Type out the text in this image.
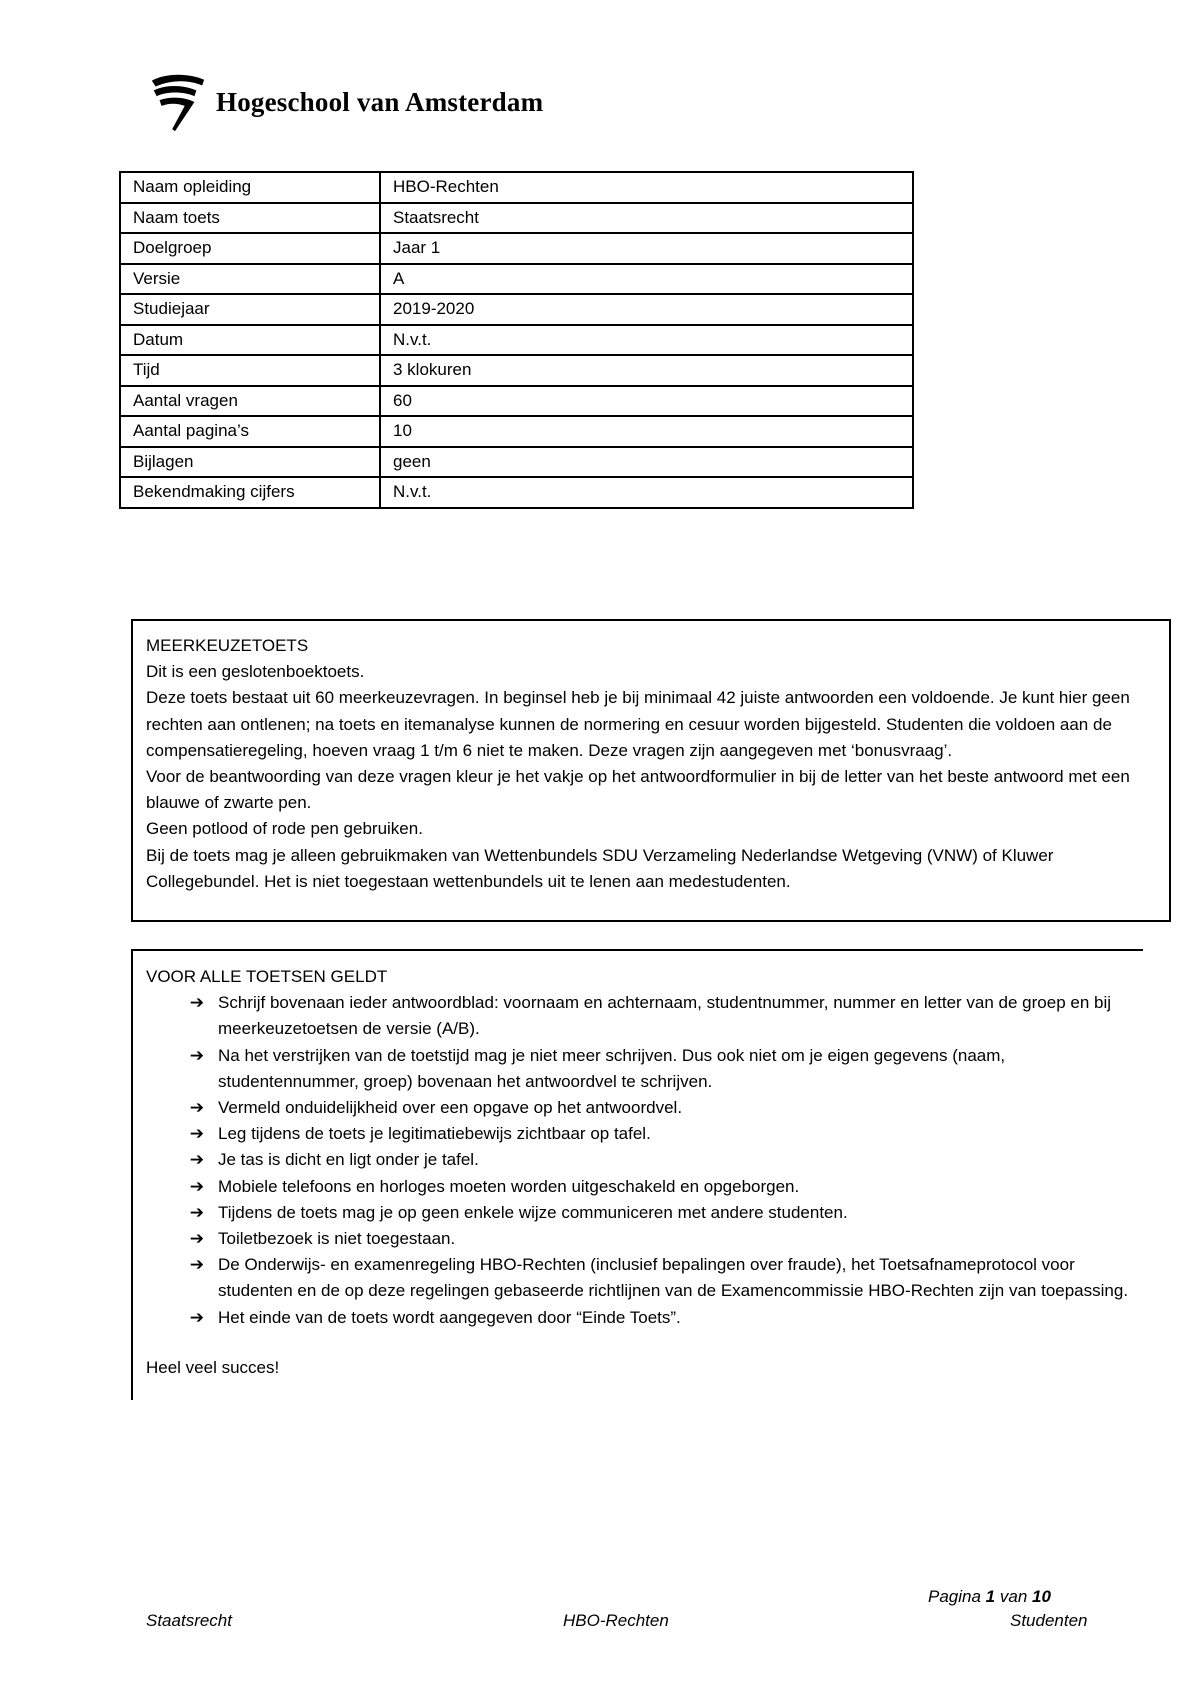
Hogeschool van Amsterdam
Naam opleiding	HBO-Rechten
Naam toets	Staatsrecht
Doelgroep	Jaar 1
Versie	A
Studiejaar	2019-2020
Datum	N.v.t.
Tijd	3 klokuren
Aantal vragen	60
Aantal pagina’s	10
Bijlagen	geen
Bekendmaking cijfers	N.v.t.

MEERKEUZETOETS

Dit is een geslotenboektoets.

Deze toets bestaat uit 60 meerkeuzevragen. In beginsel heb je bij minimaal 42 juiste antwoorden een voldoende. Je kunt hier geen rechten aan ontlenen; na toets en itemanalyse kunnen de normering en cesuur worden bijgesteld. Studenten die voldoen aan de compensatieregeling, hoeven vraag 1 t/m 6 niet te maken. Deze vragen zijn aangegeven met ‘bonusvraag’.

Voor de beantwoording van deze vragen kleur je het vakje op het antwoordformulier in bij de letter van het beste antwoord met een blauwe of zwarte pen.

Geen potlood of rode pen gebruiken.

Bij de toets mag je alleen gebruikmaken van Wettenbundels SDU Verzameling Nederlandse Wetgeving (VNW) of Kluwer Collegebundel. Het is niet toegestaan wettenbundels uit te lenen aan medestudenten.

VOOR ALLE TOETSEN GELDT

➔ Schrijf bovenaan ieder antwoordblad: voornaam en achternaam, studentnummer, nummer en letter van de groep en bij meerkeuzetoetsen de versie (A/B).
➔ Na het verstrijken van de toetstijd mag je niet meer schrijven. Dus ook niet om je eigen gegevens (naam, studentennummer, groep) bovenaan het antwoordvel te schrijven.
➔ Vermeld onduidelijkheid over een opgave op het antwoordvel.
➔ Leg tijdens de toets je legitimatiebewijs zichtbaar op tafel.
➔ Je tas is dicht en ligt onder je tafel.
➔ Mobiele telefoons en horloges moeten worden uitgeschakeld en opgeborgen.
➔ Tijdens de toets mag je op geen enkele wijze communiceren met andere studenten.
➔ Toiletbezoek is niet toegestaan.
➔ De Onderwijs- en examenregeling HBO-Rechten (inclusief bepalingen over fraude), het Toetsafnameprotocol voor studenten en de op deze regelingen gebaseerde richtlijnen van de Examencommissie HBO-Rechten zijn van toepassing.
➔ Het einde van de toets wordt aangegeven door “Einde Toets”.

Heel veel succes!

Pagina 1 van 10
Staatsrecht	HBO-Rechten	Studenten
